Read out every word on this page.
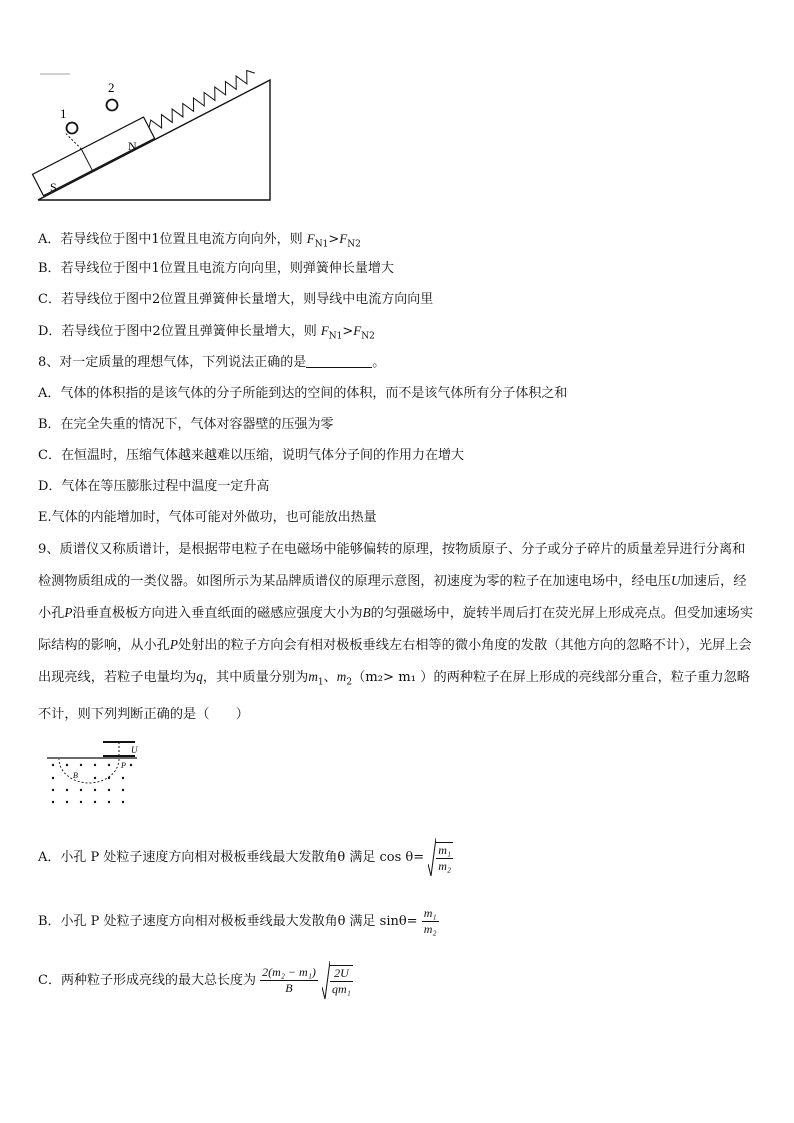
1
2
S
N
A．若导线位于图中1位置且电流方向向外，则 $F_{N1}>F_{N2}$
B．若导线位于图中1位置且电流方向向里，则弹簧伸长量增大
C．若导线位于图中2位置且弹簧伸长量增大，则导线中电流方向向里
D．若导线位于图中2位置且弹簧伸长量增大，则 $F_{N1}>F_{N2}$
8、对一定质量的理想气体，下列说法正确的是	。
A．气体的体积指的是该气体的分子所能到达的空间的体积，而不是该气体所有分子体积之和
B．在完全失重的情况下，气体对容器壁的压强为零
C．在恒温时，压缩气体越来越难以压缩，说明气体分子间的作用力在增大
D．气体在等压膨胀过程中温度一定升高
E.气体的内能增加时，气体可能对外做功，也可能放出热量
9、质谱仪又称质谱计，是根据带电粒子在电磁场中能够偏转的原理，按物质原子、分子或分子碎片的质量差异进行分离和检测物质组成的一类仪器。如图所示为某品牌质谱仪的原理示意图，初速度为零的粒子在加速电场中，经电压U加速后，经小孔P沿垂直极板方向进入垂直纸面的磁感应强度大小为B的匀强磁场中，旋转半周后打在荧光屏上形成亮点。但受加速场实际结构的影响，从小孔P处射出的粒子方向会有相对极板垂线左右相等的微小角度的发散（其他方向的忽略不计），光屏上会出现亮线，若粒子电量均为q，其中质量分别为$m_1$、$m_2(m_2> m_1$ ）的两种粒子在屏上形成的亮线部分重合，粒子重力忽略不计，则下列判断正确的是（　　）
U
P
B
A．小孔 P 处粒子速度方向相对极板垂线最大发散角θ 满足 $\cos \theta= \frac{\text{m₁}}{\text{m₂}}$
B．小孔 P 处粒子速度方向相对极板垂线最大发散角θ 满足 $\sin\theta= \frac{\text{m₁}}{\text{m₂}}$
C．两种粒子形成亮线的最大总长度为 $\frac{\text{2(m₂ − m₁)}}{B}$
$\frac{2U}{\text{qm₁}}$
